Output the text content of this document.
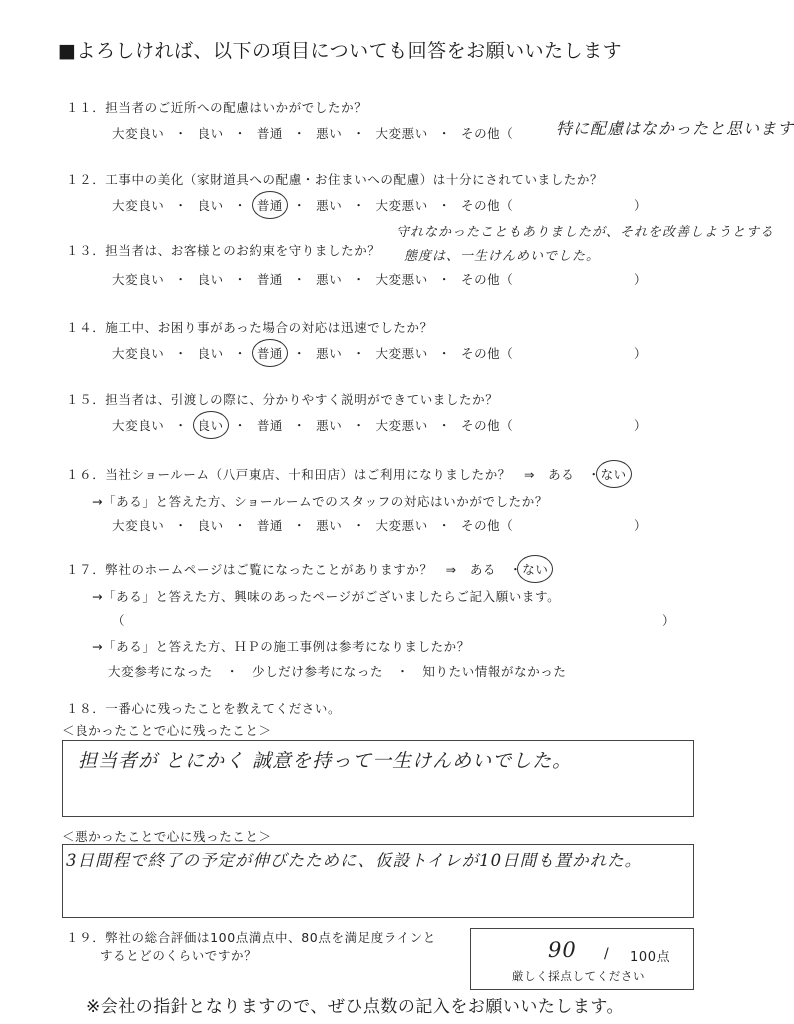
■よろしければ、以下の項目についても回答をお願いいたします
１１．担当者のご近所への配慮はいかがでしたか？
大変良い ・ 良い ・ 普通 ・ 悪い ・ 大変悪い ・ その他（	特に配慮はなかったと思います
１２．工事中の美化（家財道具への配慮・お住まいへの配慮）は十分にされていましたか？
大変良い ・ 良い ・ 普通 ・ 悪い ・ 大変悪い ・ その他（	）
１３．担当者は、お客様とのお約束を守りましたか？
守れなかったこともありましたが、それを改善しようとする
態度は、一生けんめいでした。
大変良い ・ 良い ・ 普通 ・ 悪い ・ 大変悪い ・ その他（	）
１４．施工中、お困り事があった場合の対応は迅速でしたか？
大変良い ・ 良い ・ 普通 ・ 悪い ・ 大変悪い ・ その他（	）
１５．担当者は、引渡しの際に、分かりやすく説明ができていましたか？
大変良い ・ 良い ・ 普通 ・ 悪い ・ 大変悪い ・ その他（	）
１６．当社ショールーム（八戸東店、十和田店）はご利用になりましたか？　⇒　ある　・ない
→「ある」と答えた方、ショールームでのスタッフの対応はいかがでしたか？
大変良い ・ 良い ・ 普通 ・ 悪い ・ 大変悪い ・ その他（	）
１７．弊社のホームページはご覧になったことがありますか？　⇒　ある　・ない
→「ある」と答えた方、興味のあったページがございましたらご記入願います。
（	）
→「ある」と答えた方、ＨＰの施工事例は参考になりましたか？
大変参考になった　・　少しだけ参考になった　・　知りたい情報がなかった
１８．一番心に残ったことを教えてください。
＜良かったことで心に残ったこと＞
担当者が とにかく 誠意を持って一生けんめいでした。
＜悪かったことで心に残ったこと＞
3日間程で終了の予定が伸びたために、仮設トイレが10日間も置かれた。
１９．弊社の総合評価は100点満点中、80点を満足度ラインと
するとどのくらいですか？	90 / 100点
厳しく採点してください
※会社の指針となりますので、ぜひ点数の記入をお願いいたします。
